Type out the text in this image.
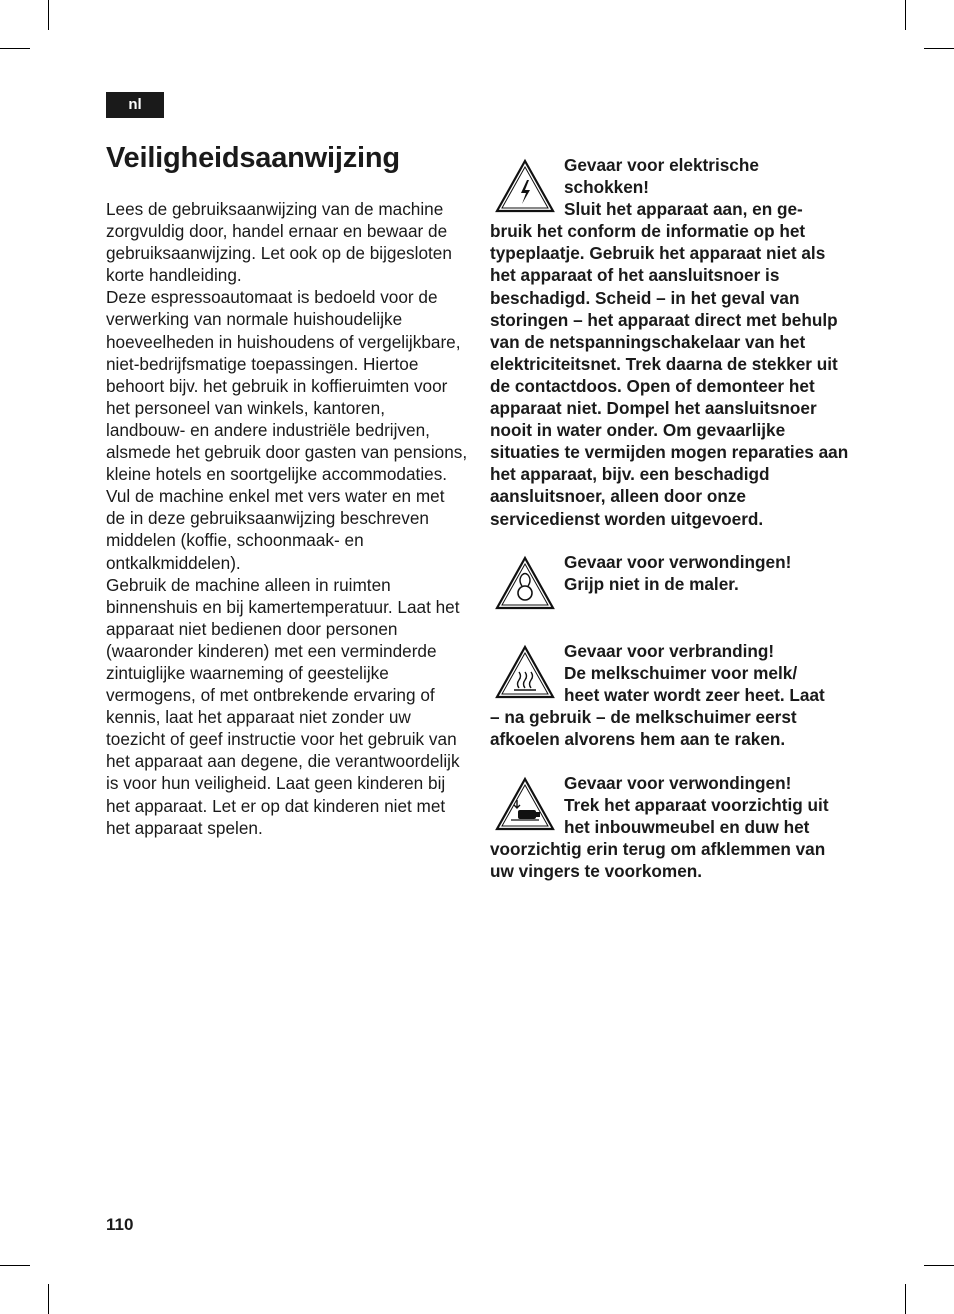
nl
Veiligheidsaanwijzing

Lees de gebruiksaanwijzing van de machine zorgvuldig door, handel ernaar en bewaar de gebruiksaanwijzing. Let ook op de bijgesloten korte handleiding.

Deze espressoautomaat is bedoeld voor de verwerking van normale huishoudelijke hoeveelheden in huishoudens of vergelijkbare, niet-bedrijfsmatige toepassingen. Hiertoe behoort bijv. het gebruik in koffieruimten voor het personeel van winkels, kantoren, landbouw- en andere industriële bedrijven, alsmede het gebruik door gasten van pensions, kleine hotels en soortgelijke accommodaties.

Vul de machine enkel met vers water en met de in deze gebruiksaanwijzing beschreven middelen (koffie, schoonmaak- en ontkalkmiddelen).

Gebruik de machine alleen in ruimten binnenshuis en bij kamertemperatuur. Laat het apparaat niet bedienen door personen (waaronder kinderen) met een verminderde zintuiglijke waarneming of geestelijke vermogens, of met ontbrekende ervaring of kennis, laat het apparaat niet zonder uw toezicht of geef instructie voor het gebruik van het apparaat aan degene, die verantwoordelijk is voor hun veiligheid. Laat geen kinderen bij het apparaat. Let er op dat kinderen niet met het apparaat spelen.

Gevaar voor elektrische
schokken!
Sluit het apparaat aan, en ge-
bruik het conform de informatie op het typeplaatje. Gebruik het apparaat niet als het apparaat of het aansluitsnoer is beschadigd. Scheid – in het geval van storingen – het apparaat direct met behulp van de netspanningschakelaar van het elektriciteitsnet. Trek daarna de stekker uit de contactdoos. Open of demonteer het apparaat niet. Dompel het aansluitsnoer nooit in water onder. Om gevaarlijke situaties te vermijden mogen reparaties aan het apparaat, bijv. een beschadigd aansluitsnoer, alleen door onze servicedienst worden uitgevoerd.
Gevaar voor verwondingen!
Grijp niet in de maler.
Gevaar voor verbranding!
De melkschuimer voor melk/
heet water wordt zeer heet. Laat
– na gebruik – de melkschuimer eerst afkoelen alvorens hem aan te raken.
Gevaar voor verwondingen!
Trek het apparaat voorzichtig uit
het inbouwmeubel en duw het
voorzichtig erin terug om afklemmen van uw vingers te voorkomen.
110
